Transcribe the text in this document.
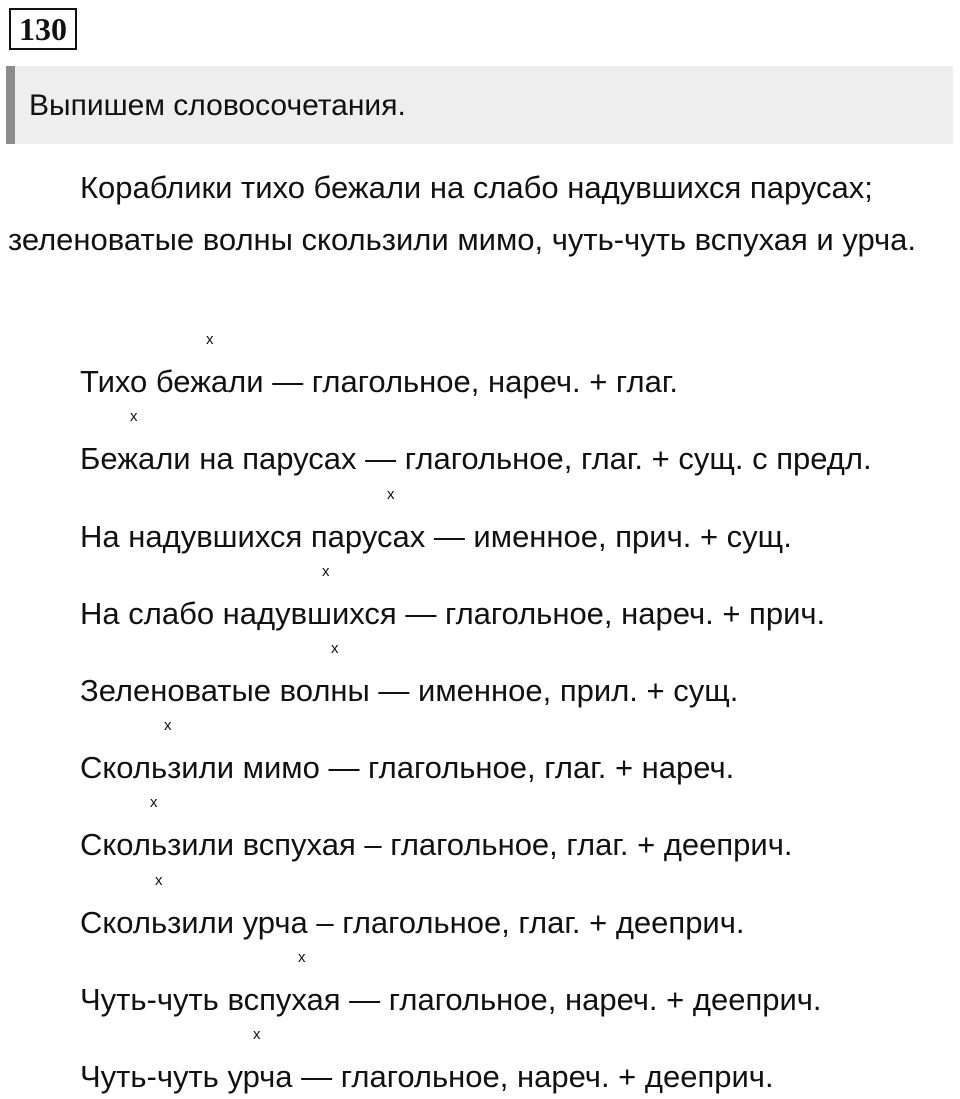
130
Выпишем словосочетания.

Кораблики тихо бежали на слабо надувшихся парусах; зеленоватые волны скользили мимо, чуть-чуть вспухая и урча.

x
Тихо бежали — глагольное, нареч. + глаг.
x
Бежали на парусах — глагольное, глаг. + сущ. с предл.
x
На надувшихся парусах — именное, прич. + сущ.
x
На слабо надувшихся — глагольное, нареч. + прич.
x
Зеленоватые волны — именное, прил. + сущ.
x
Скользили мимо — глагольное, глаг. + нареч.
x
Скользили вспухая – глагольное, глаг. + дееприч.
x
Скользили урча – глагольное, глаг. + дееприч.
x
Чуть-чуть вспухая — глагольное, нареч. + дееприч.
x
Чуть-чуть урча — глагольное, нареч. + дееприч.
